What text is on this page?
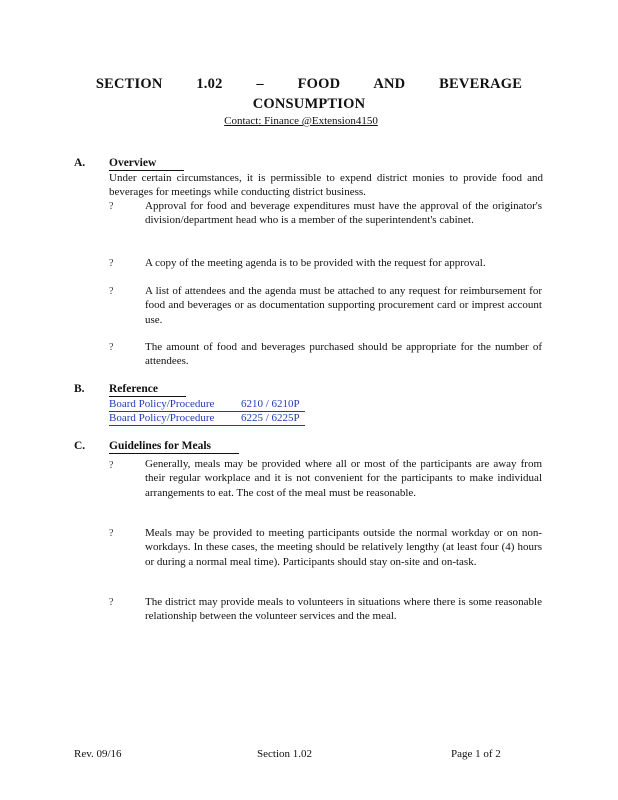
SECTION 1.02 – FOOD AND BEVERAGE
CONSUMPTION
Contact: Finance @Extension4150
A. Overview
Under certain circumstances, it is permissible to expend district monies to provide food and beverages for meetings while conducting district business.
?	Approval for food and beverage expenditures must have the approval of the originator's division/department head who is a member of the superintendent's cabinet.
?	A copy of the meeting agenda is to be provided with the request for approval.
?	A list of attendees and the agenda must be attached to any request for reimbursement for food and beverages or as documentation supporting procurement card or imprest account use.
?	The amount of food and beverages purchased should be appropriate for the number of attendees.
B. Reference
Board Policy/Procedure 6210 / 6210P
Board Policy/Procedure 6225 / 6225P
C. Guidelines for Meals
?	Generally, meals may be provided where all or most of the participants are away from their regular workplace and it is not convenient for the participants to make individual arrangements to eat. The cost of the meal must be reasonable.
?	Meals may be provided to meeting participants outside the normal workday or on non-workdays. In these cases, the meeting should be relatively lengthy (at least four (4) hours or during a normal meal time). Participants should stay on-site and on-task.
?	The district may provide meals to volunteers in situations where there is some reasonable relationship between the volunteer services and the meal.
Rev. 09/16	Section 1.02	Page 1 of 2
